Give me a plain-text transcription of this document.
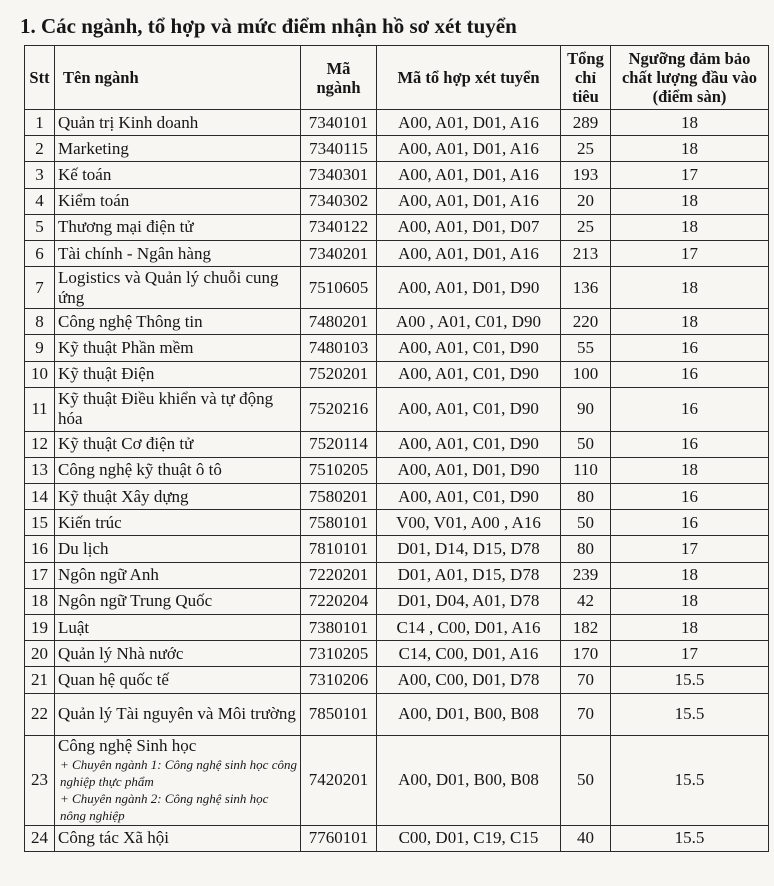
1. Các ngành, tổ hợp và mức điểm nhận hồ sơ xét tuyển
Stt	Tên ngành	Mã ngành	Mã tổ hợp xét tuyển	Tổng chỉ tiêu	Ngưỡng đảm bảo chất lượng đầu vào (điểm sàn)
1	Quản trị Kinh doanh	7340101	A00, A01, D01, A16	289	18
2	Marketing	7340115	A00, A01, D01, A16	25	18
3	Kế toán	7340301	A00, A01, D01, A16	193	17
4	Kiểm toán	7340302	A00, A01, D01, A16	20	18
5	Thương mại điện tử	7340122	A00, A01, D01, D07	25	18
6	Tài chính - Ngân hàng	7340201	A00, A01, D01, A16	213	17
7	Logistics và Quản lý chuỗi cung ứng	7510605	A00, A01, D01, D90	136	18
8	Công nghệ Thông tin	7480201	A00 , A01, C01, D90	220	18
9	Kỹ thuật Phần mềm	7480103	A00, A01, C01, D90	55	16
10	Kỹ thuật Điện	7520201	A00, A01, C01, D90	100	16
11	Kỹ thuật Điều khiển và tự động hóa	7520216	A00, A01, C01, D90	90	16
12	Kỹ thuật Cơ điện tử	7520114	A00, A01, C01, D90	50	16
13	Công nghệ kỹ thuật ô tô	7510205	A00, A01, D01, D90	110	18
14	Kỹ thuật Xây dựng	7580201	A00, A01, C01, D90	80	16
15	Kiến trúc	7580101	V00, V01, A00 , A16	50	16
16	Du lịch	7810101	D01, D14, D15, D78	80	17
17	Ngôn ngữ Anh	7220201	D01, A01, D15, D78	239	18
18	Ngôn ngữ Trung Quốc	7220204	D01, D04, A01, D78	42	18
19	Luật	7380101	C14 , C00, D01, A16	182	18
20	Quản lý Nhà nước	7310205	C14, C00, D01, A16	170	17
21	Quan hệ quốc tế	7310206	A00, C00, D01, D78	70	15.5
22	Quản lý Tài nguyên và Môi trường	7850101	A00, D01, B00, B08	70	15.5
23	Công nghệ Sinh học
+ Chuyên ngành 1: Công nghệ sinh học công nghiệp thực phẩm
+ Chuyên ngành 2: Công nghệ sinh học nông nghiệp	7420201	A00, D01, B00, B08	50	15.5
24	Công tác Xã hội	7760101	C00, D01, C19, C15	40	15.5
